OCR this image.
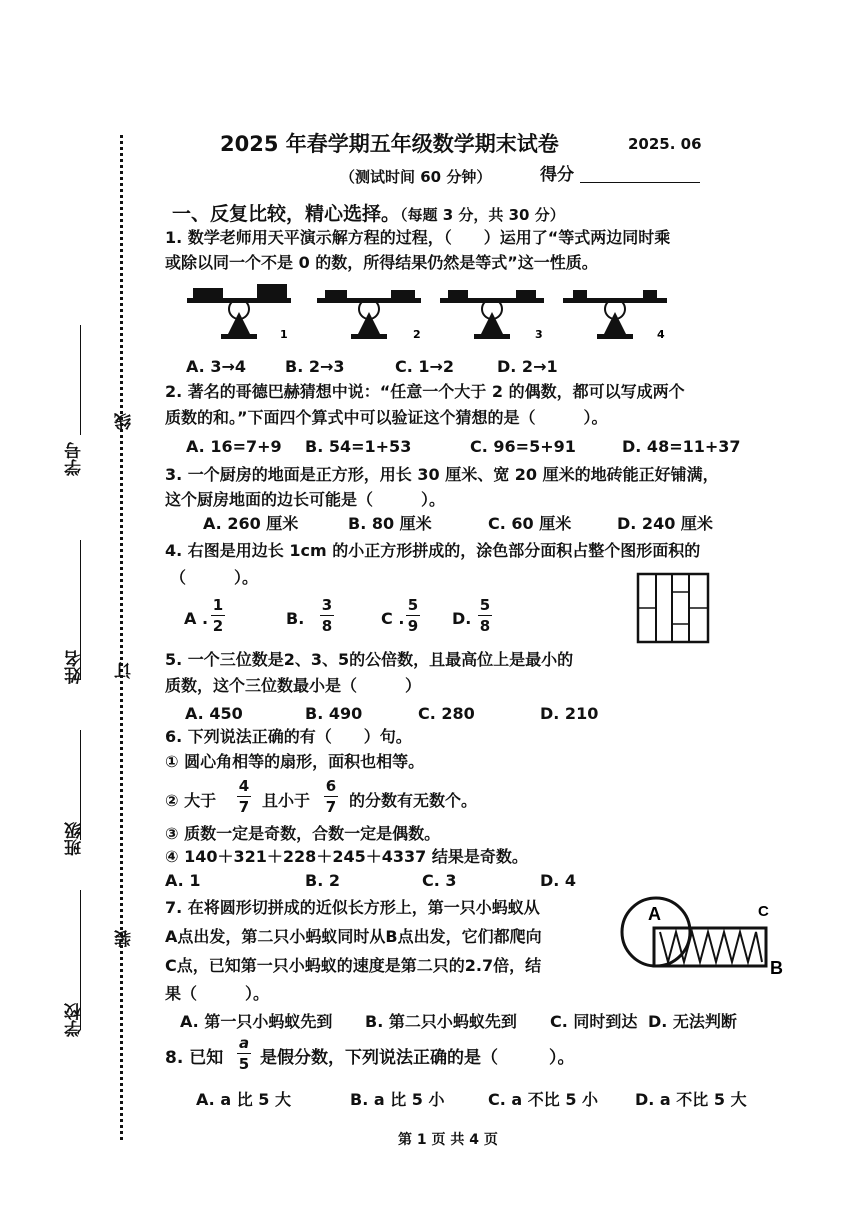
线
订
装
学号
姓名
班级
学校
2025 年春学期五年级数学期末试卷	2025. 06
（测试时间 60 分钟）	得分
一、反复比较，精心选择。（每题 3 分，共 30 分）
1. 数学老师用天平演示解方程的过程，（　　）运用了“等式两边同时乘
或除以同一个不是 0 的数，所得结果仍然是等式”这一性质。
1	2	3	4
A. 3→4 B. 2→3	C. 1→2	D. 2→1
2. 著名的哥德巴赫猜想中说：“任意一个大于 2 的偶数，都可以写成两个
质数的和。”下面四个算式中可以验证这个猜想的是（　　　）。
A. 16=7+9 B. 54=1+53	C. 96=5+91	D. 48=11+37
3. 一个厨房的地面是正方形，用长 30 厘米、宽 20 厘米的地砖能正好铺满，
这个厨房地面的边长可能是（　　　）。
A. 260 厘米	B. 80 厘米	C. 60 厘米	D. 240 厘米
4. 右图是用边长 1cm 的小正方形拼成的，涂色部分面积占整个图形面积的
（　　　）。
A .
1
2	B.
3
8	C .
5
9 D.
5
8
5. 一个三位数是2、3、5的公倍数，且最高位上是最小的
质数，这个三位数最小是（　　　）
A. 450	B. 490	C. 280	D. 210
6. 下列说法正确的有（　　）句。
① 圆心角相等的扇形，面积也相等。
② 大于
4
7 且小于
6
7 的分数有无数个。
③ 质数一定是奇数，合数一定是偶数。
④ 140＋321＋228＋245＋4337 结果是奇数。
A. 1	B. 2	C. 3	D. 4
7. 在将圆形切拼成的近似长方形上，第一只小蚂蚁从
A点出发，第二只小蚂蚁同时从B点出发，它们都爬向
C点，已知第一只小蚂蚁的速度是第二只的2.7倍，结
果（　　　）。
A	C
B
A. 第一只小蚂蚁先到 B. 第二只小蚂蚁先到 C. 同时到达 D. 无法判断
8. 已知
a
5 是假分数，下列说法正确的是（　　　）。
A. a 比 5 大	B. a 比 5 小	C. a 不比 5 小 D. a 不比 5 大
第 1 页 共 4 页
